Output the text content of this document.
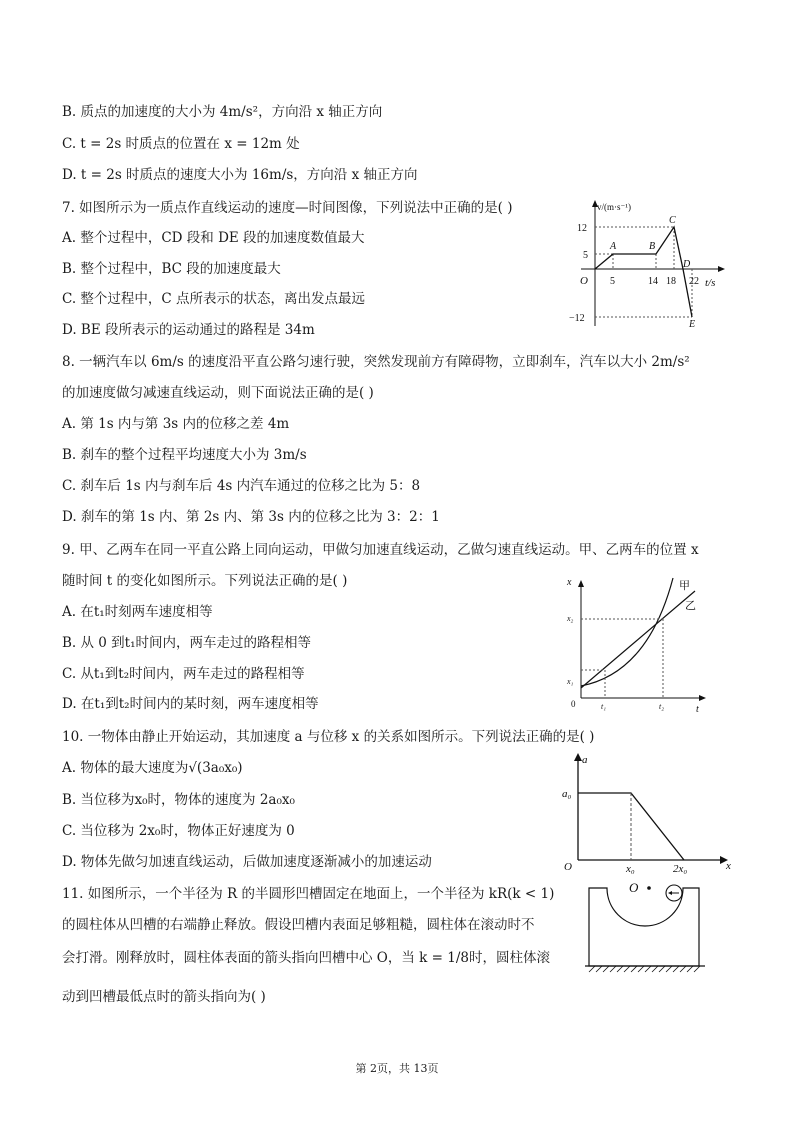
B. 质点的加速度的大小为 4m/s²，方向沿 x 轴正方向
C. t = 2s 时质点的位置在 x = 12m 处
D. t = 2s 时质点的速度大小为 16m/s，方向沿 x 轴正方向
7. 如图所示为一质点作直线运动的速度—时间图像，下列说法中正确的是( )
A. 整个过程中，CD 段和 DE 段的加速度数值最大
B. 整个过程中，BC 段的加速度最大
C. 整个过程中，C 点所表示的状态，离出发点最远
D. BE 段所表示的运动通过的路程是 34m
8. 一辆汽车以 6m/s 的速度沿平直公路匀速行驶，突然发现前方有障碍物，立即刹车，汽车以大小 2m/s²
的加速度做匀减速直线运动，则下面说法正确的是( )
A. 第 1s 内与第 3s 内的位移之差 4m
B. 刹车的整个过程平均速度大小为 3m/s
C. 刹车后 1s 内与刹车后 4s 内汽车通过的位移之比为 5：8
D. 刹车的第 1s 内、第 2s 内、第 3s 内的位移之比为 3：2：1
9. 甲、乙两车在同一平直公路上同向运动，甲做匀加速直线运动，乙做匀速直线运动。甲、乙两车的位置 x
随时间 t 的变化如图所示。下列说法正确的是( )
A. 在t₁时刻两车速度相等
B. 从 0 到t₁时间内，两车走过的路程相等
C. 从t₁到t₂时间内，两车走过的路程相等
D. 在t₁到t₂时间内的某时刻，两车速度相等
10. 一物体由静止开始运动，其加速度 a 与位移 x 的关系如图所示。下列说法正确的是( )
A. 物体的最大速度为√(3a₀x₀)
B. 当位移为x₀时，物体的速度为 2a₀x₀
C. 当位移为 2x₀时，物体正好速度为 0
D. 物体先做匀加速直线运动，后做加速度逐渐减小的加速运动
11. 如图所示，一个半径为 R 的半圆形凹槽固定在地面上，一个半径为 kR(k < 1)
的圆柱体从凹槽的右端静止释放。假设凹槽内表面足够粗糙，圆柱体在滚动时不
会打滑。刚释放时，圆柱体表面的箭头指向凹槽中心 O，当 k = 1/8时，圆柱体滚
动到凹槽最低点时的箭头指向为( )
v/(m·s⁻¹)
t/s
O
12
5
−12
5	14 18 22
A	B
C
D
E
x
t
0
甲
乙
x₁
x₂
t₁	t₂
a
x
O
a₀
x₀	2x₀
O
第 2页，共 13页
